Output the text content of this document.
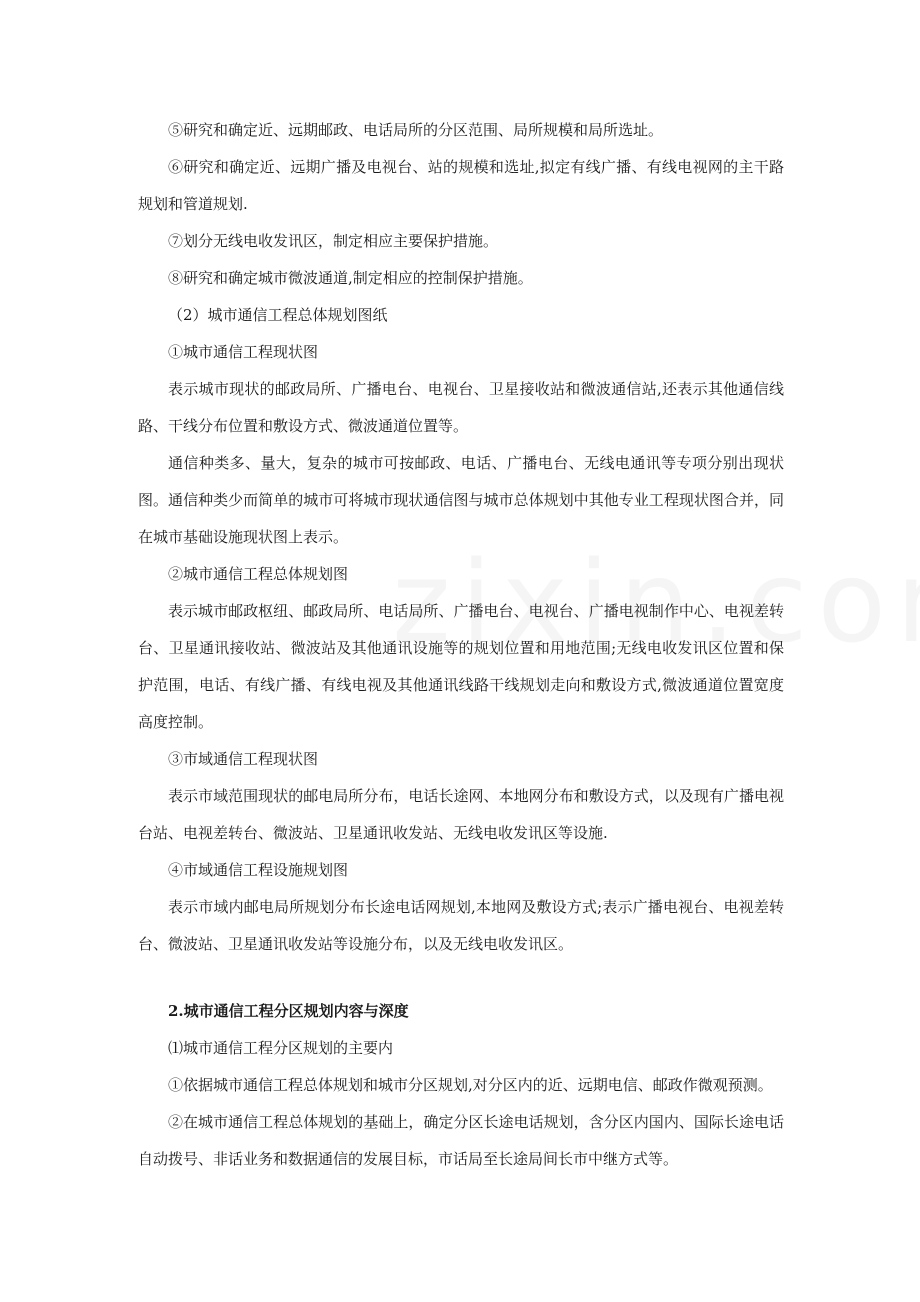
⑤研究和确定近、远期邮政、电话局所的分区范围、局所规模和局所选址。

⑥研究和确定近、远期广播及电视台、站的规模和选址,拟定有线广播、有线电视网的主干路规划和管道规划.

⑦划分无线电收发讯区，制定相应主要保护措施。

⑧研究和确定城市微波通道,制定相应的控制保护措施。

（2）城市通信工程总体规划图纸

①城市通信工程现状图

表示城市现状的邮政局所、广播电台、电视台、卫星接收站和微波通信站,还表示其他通信线路、干线分布位置和敷设方式、微波通道位置等。

通信种类多、量大，复杂的城市可按邮政、电话、广播电台、无线电通讯等专项分别出现状图。通信种类少而简单的城市可将城市现状通信图与城市总体规划中其他专业工程现状图合并，同在城市基础设施现状图上表示。

②城市通信工程总体规划图

表示城市邮政枢纽、邮政局所、电话局所、广播电台、电视台、广播电视制作中心、电视差转台、卫星通讯接收站、微波站及其他通讯设施等的规划位置和用地范围;无线电收发讯区位置和保护范围，电话、有线广播、有线电视及其他通讯线路干线规划走向和敷设方式,微波通道位置宽度高度控制。

③市域通信工程现状图

表示市域范围现状的邮电局所分布，电话长途网、本地网分布和敷设方式，以及现有广播电视台站、电视差转台、微波站、卫星通讯收发站、无线电收发讯区等设施.

④市域通信工程设施规划图

表示市域内邮电局所规划分布长途电话网规划,本地网及敷设方式;表示广播电视台、电视差转台、微波站、卫星通讯收发站等设施分布，以及无线电收发讯区。

2.城市通信工程分区规划内容与深度

⑴城市通信工程分区规划的主要内

①依据城市通信工程总体规划和城市分区规划,对分区内的近、远期电信、邮政作微观预测。

②在城市通信工程总体规划的基础上，确定分区长途电话规划，含分区内国内、国际长途电话自动拨号、非话业务和数据通信的发展目标，市话局至长途局间长市中继方式等。
